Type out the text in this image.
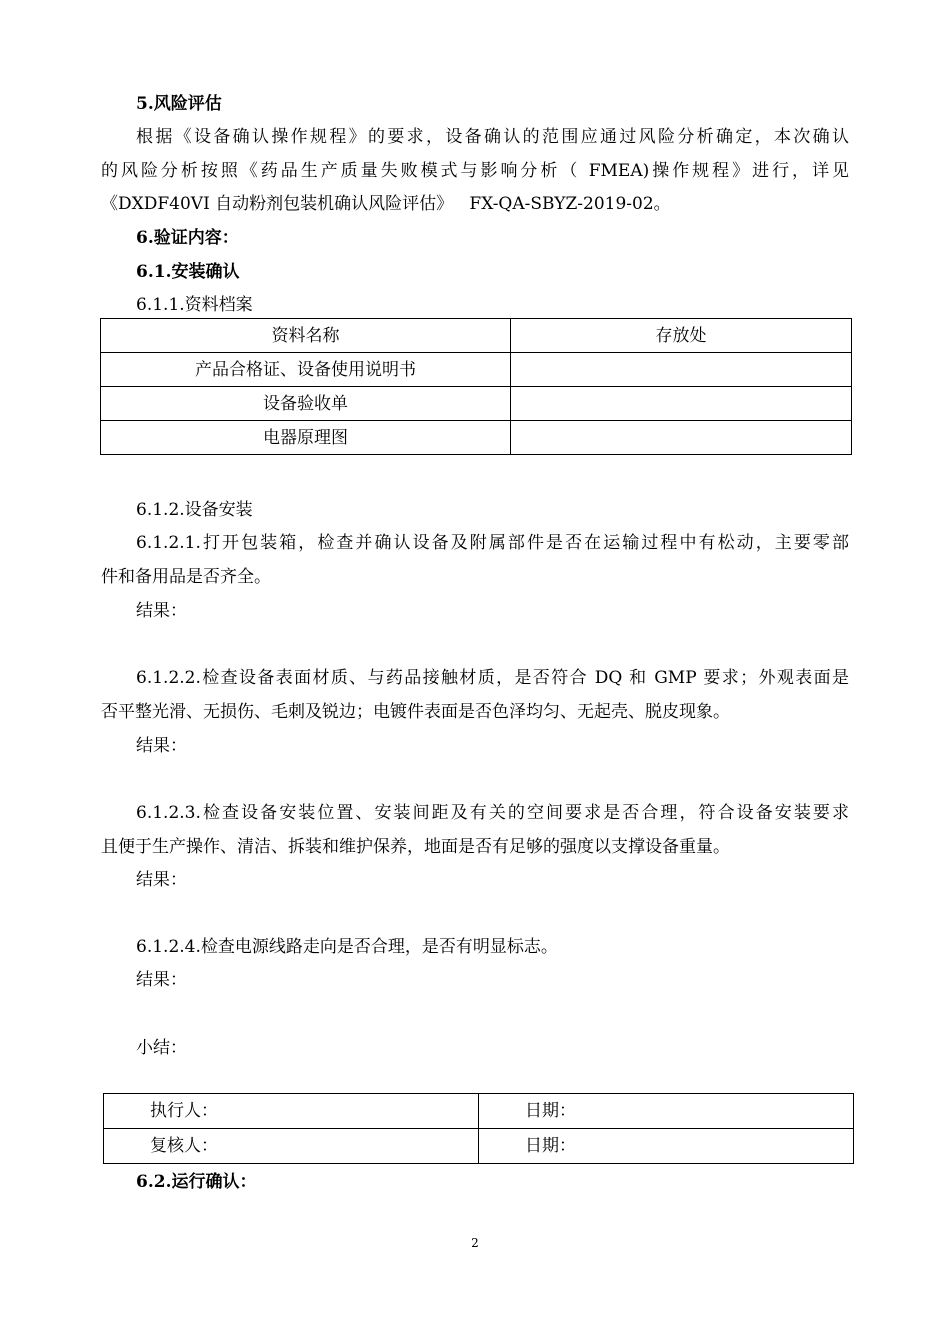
5.风险评估
根据《设备确认操作规程》的要求，设备确认的范围应通过风险分析确定，本次确认
的风险分析按照《药品生产质量失败模式与影响分析（ FMEA)操作规程》进行，详见
《DXDF40VI 自动粉剂包装机确认风险评估》   FX-QA-SBYZ-2019-02。
6.验证内容：
6.1.安装确认
6.1.1.资料档案
资料名称	存放处
产品合格证、设备使用说明书	
设备验收单	
电器原理图	
6.1.2.设备安装
6.1.2.1.打开包装箱，检查并确认设备及附属部件是否在运输过程中有松动，主要零部
件和备用品是否齐全。
结果：
6.1.2.2.检查设备表面材质、与药品接触材质，是否符合 DQ 和 GMP 要求；外观表面是
否平整光滑、无损伤、毛刺及锐边；电镀件表面是否色泽均匀、无起壳、脱皮现象。
结果：
6.1.2.3.检查设备安装位置、安装间距及有关的空间要求是否合理，符合设备安装要求
且便于生产操作、清洁、拆装和维护保养，地面是否有足够的强度以支撑设备重量。
结果：
6.1.2.4.检查电源线路走向是否合理，是否有明显标志。
结果：
小结：
执行人：	日期：
复核人：	日期：
6.2.运行确认：
2
